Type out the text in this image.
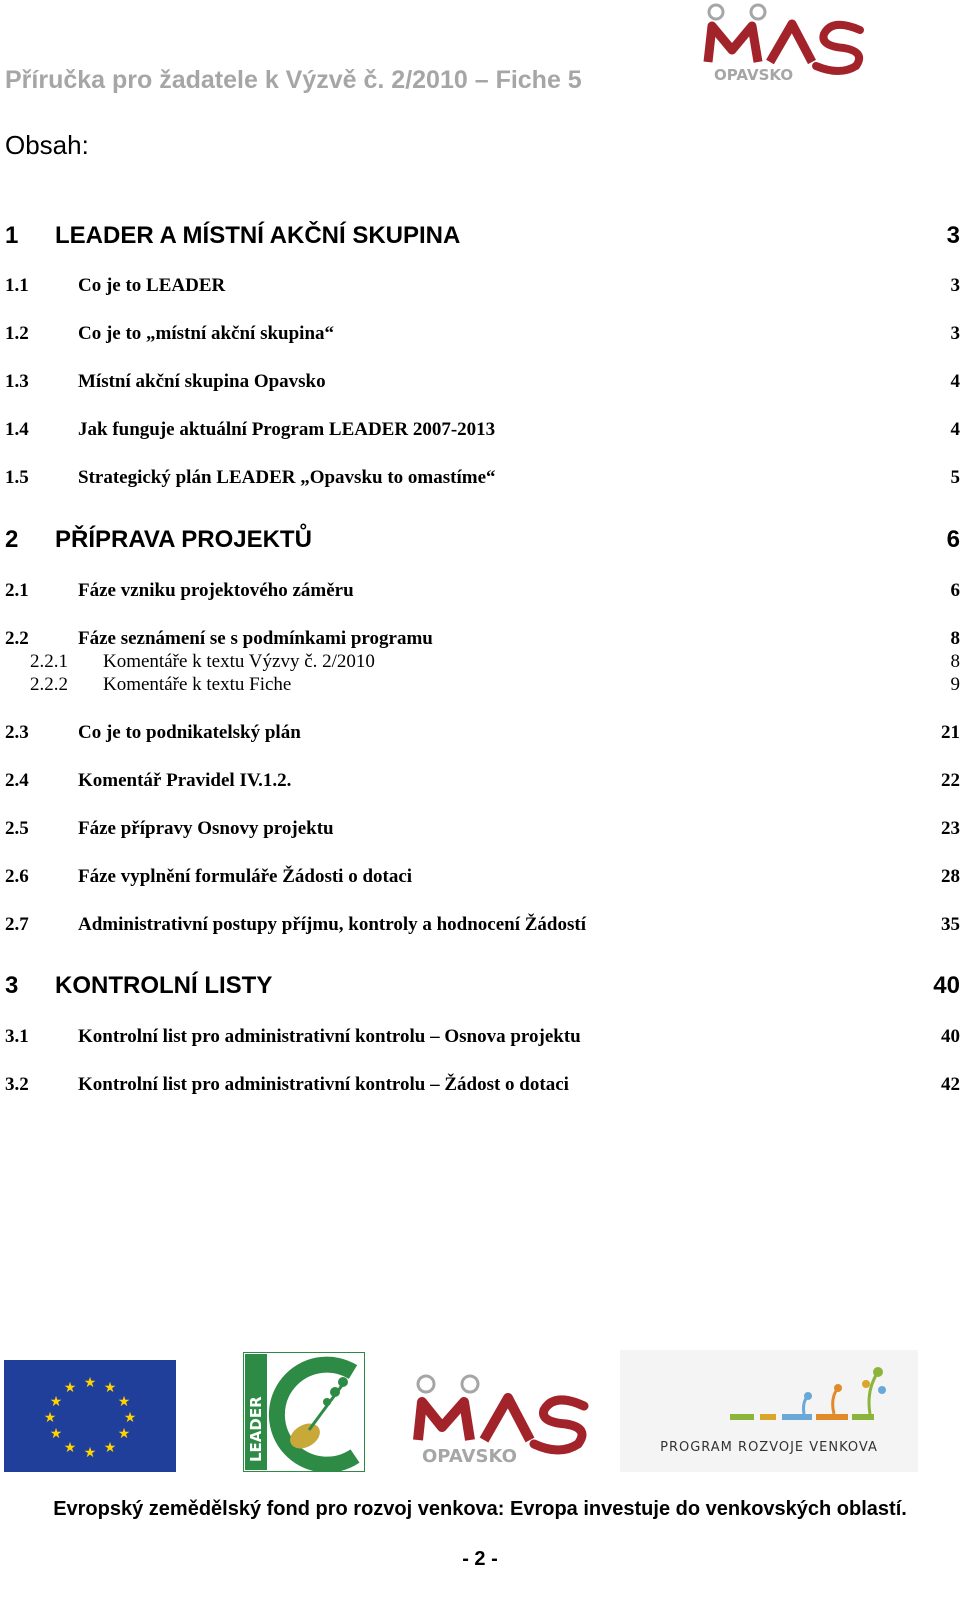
Příručka pro žadatele k Výzvě č. 2/2010 – Fiche 5	OPAVSKO
Obsah:
1 LEADER A MÍSTNÍ AKČNÍ SKUPINA	3
1.1	Co je to LEADER	3
1.2	Co je to „místní akční skupina“	3
1.3	Místní akční skupina Opavsko	4
1.4	Jak funguje aktuální Program LEADER 2007-2013	4
1.5	Strategický plán LEADER „Opavsku to omastíme“	5
2 PŘÍPRAVA PROJEKTŮ	6
2.1	Fáze vzniku projektového záměru	6
2.2	Fáze seznámení se s podmínkami programu	8
2.2.1 Komentáře k textu Výzvy č. 2/2010	8
2.2.2 Komentáře k textu Fiche	9
2.3	Co je to podnikatelský plán	21
2.4	Komentář Pravidel IV.1.2.	22
2.5	Fáze přípravy Osnovy projektu	23
2.6	Fáze vyplnění formuláře Žádosti o dotaci	28
2.7	Administrativní postupy příjmu, kontroly a hodnocení Žádostí	35
3 KONTROLNÍ LISTY	40
3.1	Kontrolní list pro administrativní kontrolu – Osnova projektu	40
3.2	Kontrolní list pro administrativní kontrolu – Žádost o dotaci	42
★ ★
★
★
★
★
★
★
★
★
★
★
LEADER	OPAVSKO	PROGRAM ROZVOJE VENKOVA
Evropský zemědělský fond pro rozvoj venkova: Evropa investuje do venkovských oblastí.
- 2 -
